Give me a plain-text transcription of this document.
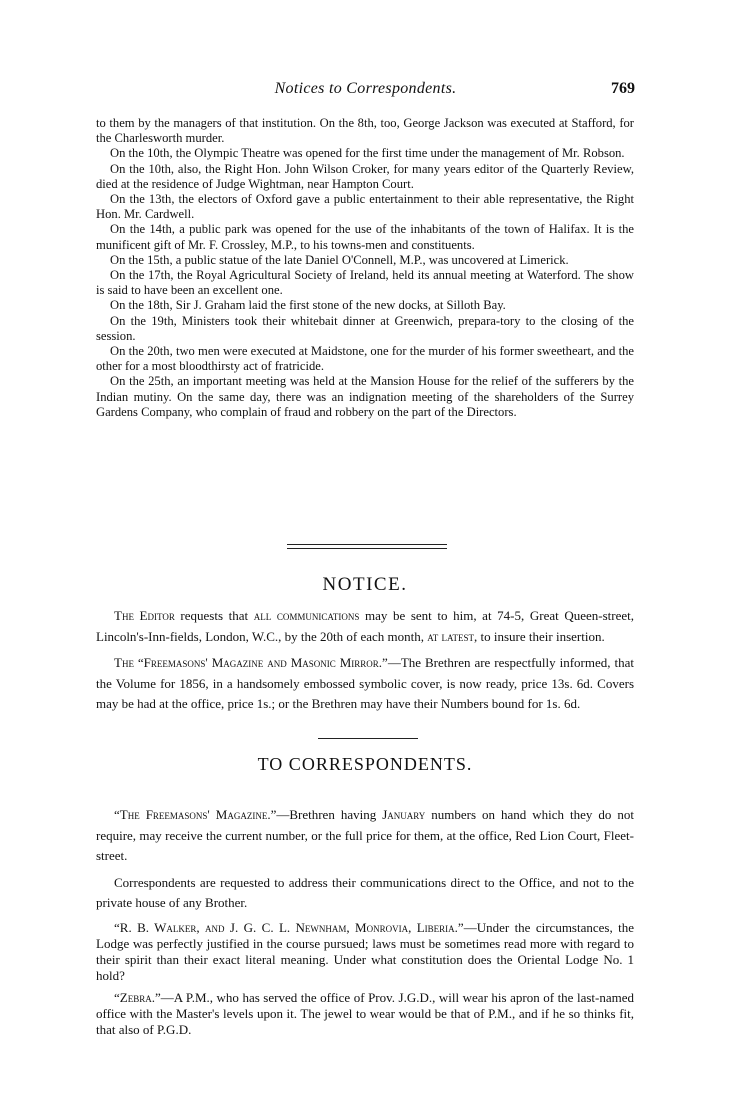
Notices to Correspondents.	769

to them by the managers of that institution. On the 8th, too, George Jackson was executed at Stafford, for the Charlesworth murder.

On the 10th, the Olympic Theatre was opened for the first time under the management of Mr. Robson.

On the 10th, also, the Right Hon. John Wilson Croker, for many years editor of the Quarterly Review, died at the residence of Judge Wightman, near Hampton Court.

On the 13th, the electors of Oxford gave a public entertainment to their able representative, the Right Hon. Mr. Cardwell.

On the 14th, a public park was opened for the use of the inhabitants of the town of Halifax. It is the munificent gift of Mr. F. Crossley, M.P., to his towns-men and constituents.

On the 15th, a public statue of the late Daniel O'Connell, M.P., was uncovered at Limerick.

On the 17th, the Royal Agricultural Society of Ireland, held its annual meeting at Waterford. The show is said to have been an excellent one.

On the 18th, Sir J. Graham laid the first stone of the new docks, at Silloth Bay.

On the 19th, Ministers took their whitebait dinner at Greenwich, prepara-tory to the closing of the session.

On the 20th, two men were executed at Maidstone, one for the murder of his former sweetheart, and the other for a most bloodthirsty act of fratricide.

On the 25th, an important meeting was held at the Mansion House for the relief of the sufferers by the Indian mutiny. On the same day, there was an indignation meeting of the shareholders of the Surrey Gardens Company, who complain of fraud and robbery on the part of the Directors.

NOTICE.

The Editor requests that all communications may be sent to him, at 74-5, Great Queen-street, Lincoln's-Inn-fields, London, W.C., by the 20th of each month, at latest, to insure their insertion.

The “Freemasons' Magazine and Masonic Mirror.”—The Brethren are respectfully informed, that the Volume for 1856, in a handsomely embossed symbolic cover, is now ready, price 13s. 6d. Covers may be had at the office, price 1s.; or the Brethren may have their Numbers bound for 1s. 6d.

TO CORRESPONDENTS.

“The Freemasons' Magazine.”—Brethren having January numbers on hand which they do not require, may receive the current number, or the full price for them, at the office, Red Lion Court, Fleet-street.

Correspondents are requested to address their communications direct to the Office, and not to the private house of any Brother.

“R. B. Walker, and J. G. C. L. Newnham, Monrovia, Liberia.”—Under the circumstances, the Lodge was perfectly justified in the course pursued; laws must be sometimes read more with regard to their spirit than their exact literal meaning. Under what constitution does the Oriental Lodge No. 1 hold?

“Zebra.”—A P.M., who has served the office of Prov. J.G.D., will wear his apron of the last-named office with the Master's levels upon it. The jewel to wear would be that of P.M., and if he so thinks fit, that also of P.G.D.
